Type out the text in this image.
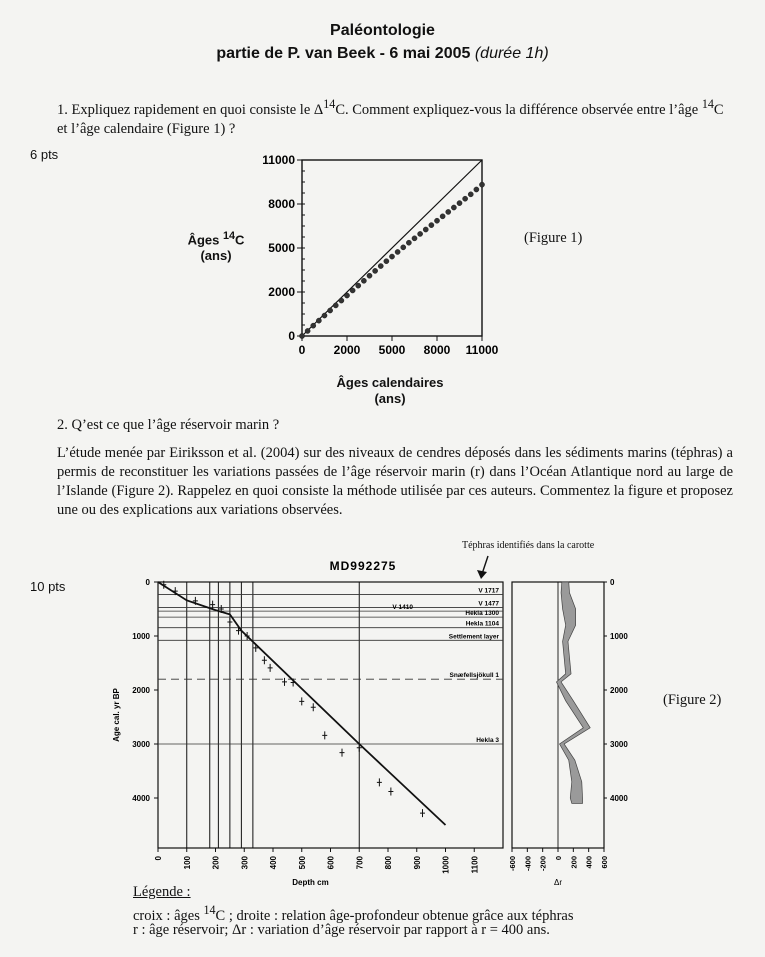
Paléontologie
partie de P. van Beek - 6 mai 2005 (durée 1h)
1. Expliquez rapidement en quoi consiste le $\Delta^{14}C$. Comment expliquez-vous la différence observée entre l’âge $^{14}$C et l’âge calendaire (Figure 1) ?
6 pts
Âges $^{14}$C
(ans)
0 2000 5000 8000 11000
0
2000
5000
8000
11000
Âges calendaires
(ans)
(Figure 1)
2. Q’est ce que l’âge réservoir marin ?
L’étude menée par Eiriksson et al. (2004) sur des niveaux de cendres déposés dans les sédiments marins (téphras) a permis de reconstituer les variations passées de l’âge réservoir marin (r) dans l’Océan Atlantique nord au large de l’Islande (Figure 2). Rappelez en quoi consiste la méthode utilisée par ces auteurs. Commentez la figure et proposez une ou des explications aux variations observées.
10 pts
Téphras identifiés dans la carotte
MD992275
V 1717
V 1477
V 1410
Hekla 1300
Hekla 1104
Settlement layer
Snæfellsjökull 1
Hekla 3
0 100 200 300 400 500 600 700 800 900 1000 1100
Depth cm
0
1000
2000
3000
4000
Age cal. yr BP
-600 -400 -200 0 200 400 600
Δr
0
1000
2000
3000
4000
(Figure 2)
Légende :
croix : âges $^{14}$C ; droite : relation âge-profondeur obtenue grâce aux téphras
r : âge réservoir; Δr : variation d’âge réservoir par rapport à r = 400 ans.
